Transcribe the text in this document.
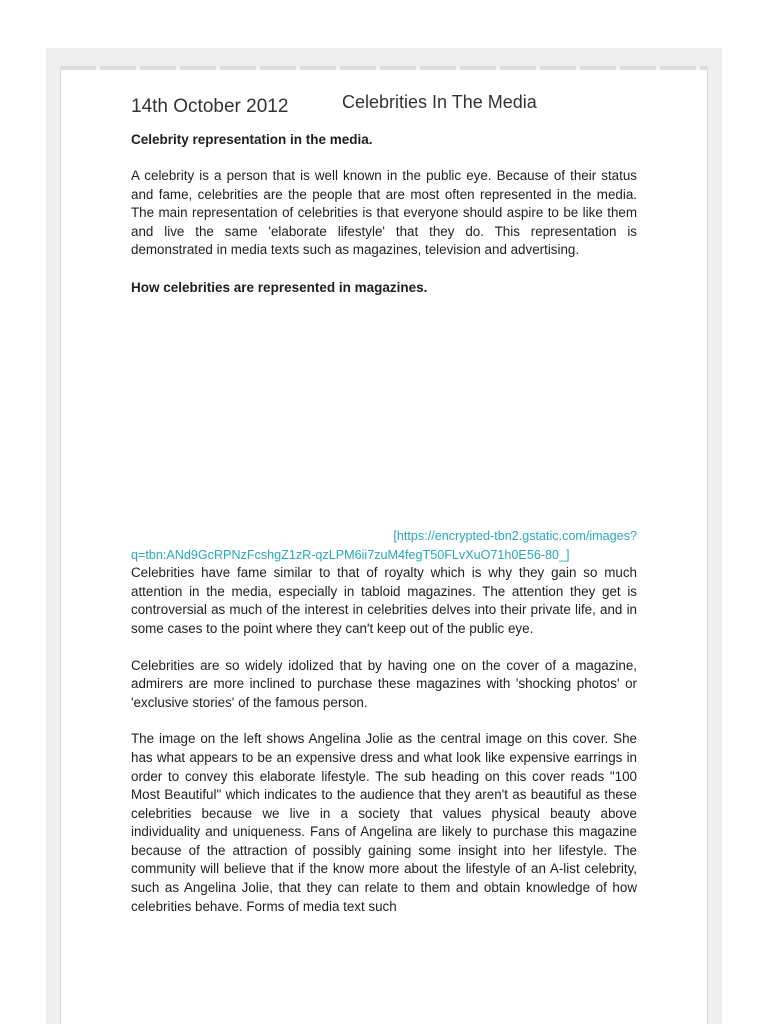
14th October 2012	Celebrities In The Media

Celebrity representation in the media.

A celebrity is a person that is well known in the public eye. Because of their status and fame, celebrities are the people that are most often represented in the media. The main representation of celebrities is that everyone should aspire to be like them and live the same 'elaborate lifestyle' that they do. This representation is demonstrated in media texts such as magazines, television and advertising.

How celebrities are represented in magazines.

[https://encrypted-tbn2.gstatic.com/images?

q=tbn:ANd9GcRPNzFcshgZ1zR-qzLPM6ii7zuM4fegT50FLvXuO71h0E56-80_]

Celebrities have fame similar to that of royalty which is why they gain so much attention in the media, especially in tabloid magazines. The attention they get is controversial as much of the interest in celebrities delves into their private life, and in some cases to the point where they can't keep out of the public eye.

Celebrities are so widely idolized that by having one on the cover of a magazine, admirers are more inclined to purchase these magazines with 'shocking photos' or 'exclusive stories' of the famous person.

The image on the left shows Angelina Jolie as the central image on this cover. She has what appears to be an expensive dress and what look like expensive earrings in order to convey this elaborate lifestyle. The sub heading on this cover reads "100 Most Beautiful" which indicates to the audience that they aren't as beautiful as these celebrities because we live in a society that values physical beauty above individuality and uniqueness. Fans of Angelina are likely to purchase this magazine because of the attraction of possibly gaining some insight into her lifestyle. The community will believe that if the know more about the lifestyle of an A-list celebrity, such as Angelina Jolie, that they can relate to them and obtain knowledge of how celebrities behave. Forms of media text such
